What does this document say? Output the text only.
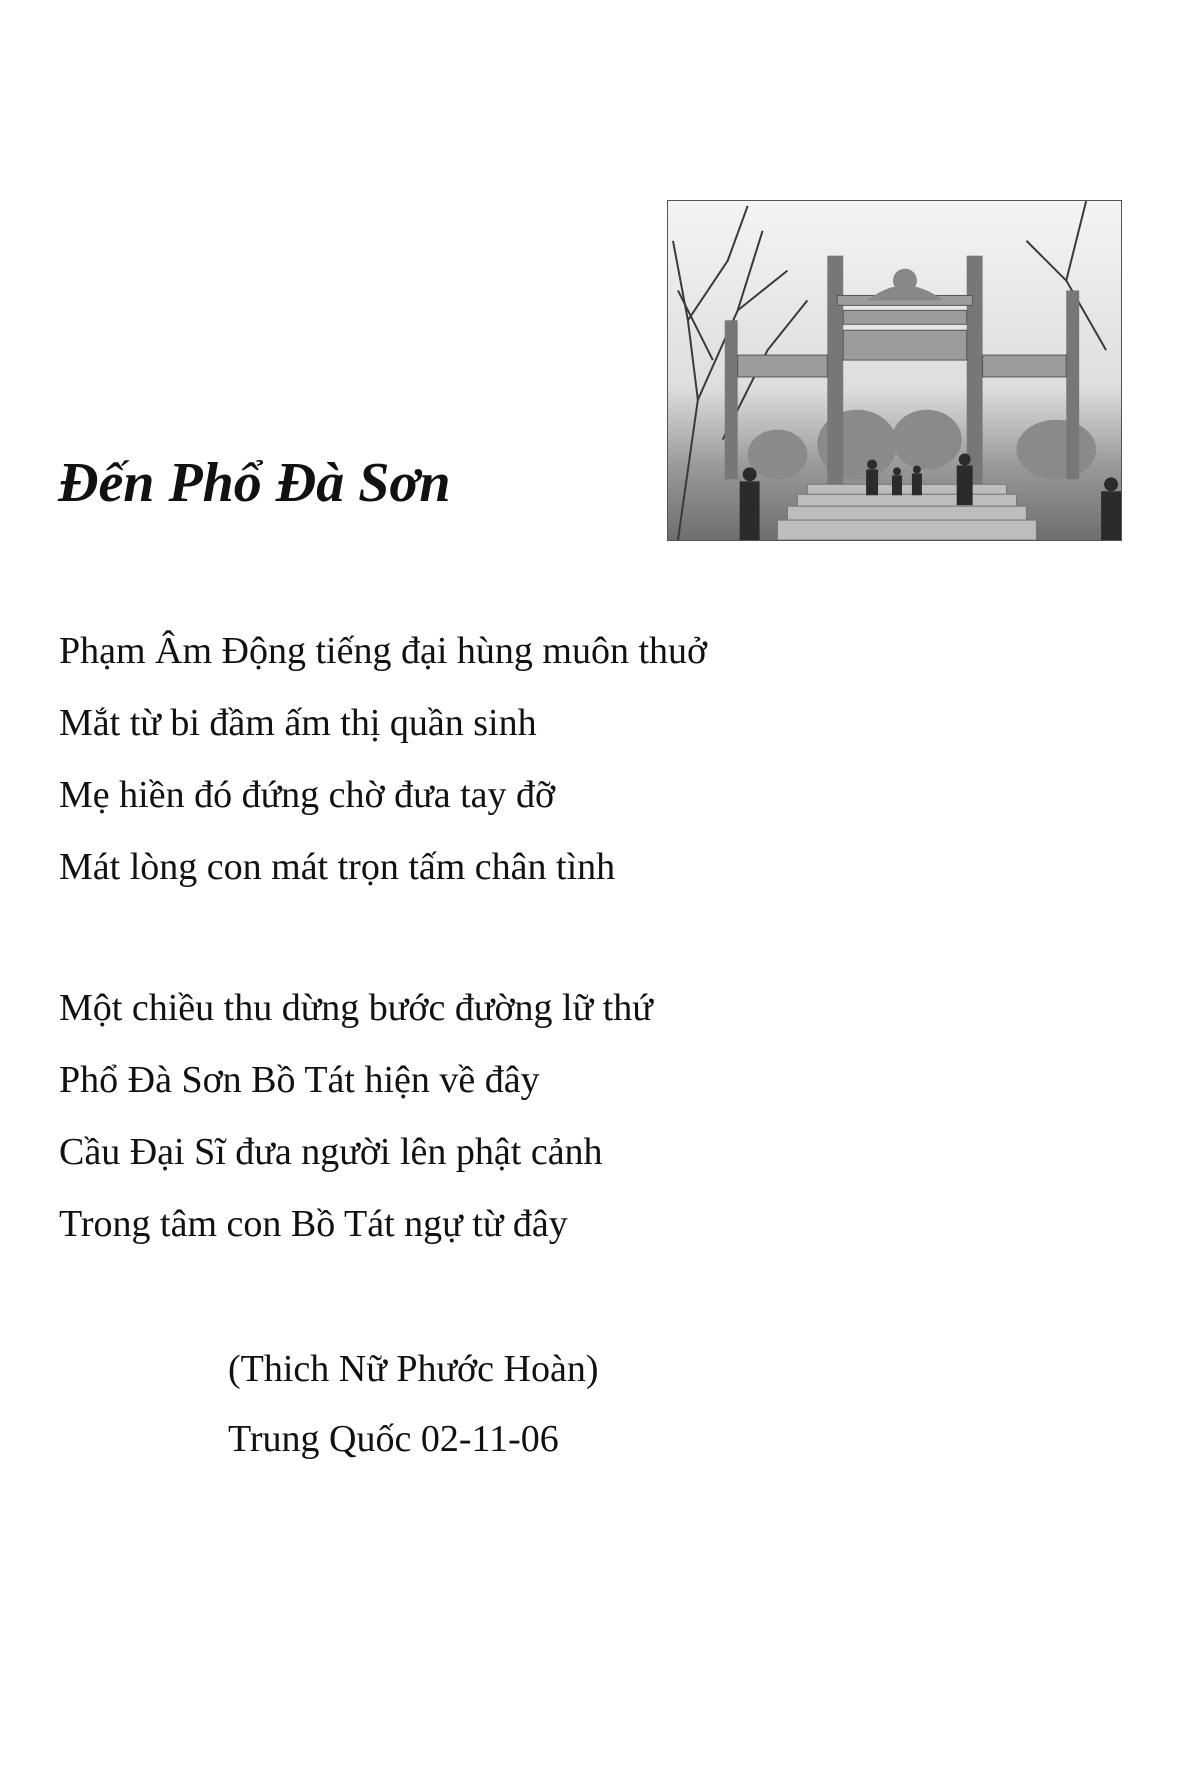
Đến Phổ Đà Sơn
Phạm Âm Động tiếng đại hùng muôn thuở
Mắt từ bi đầm ấm thị quần sinh
Mẹ hiền đó đứng chờ đưa tay đỡ
Mát lòng con mát trọn tấm chân tình
Một chiều thu dừng bước đường lữ thứ
Phổ Đà Sơn Bồ Tát hiện về đây
Cầu Đại Sĩ đưa người lên phật cảnh
Trong tâm con Bồ Tát ngự từ đây
(Thich Nữ Phước Hoàn)
Trung Quốc 02-11-06
